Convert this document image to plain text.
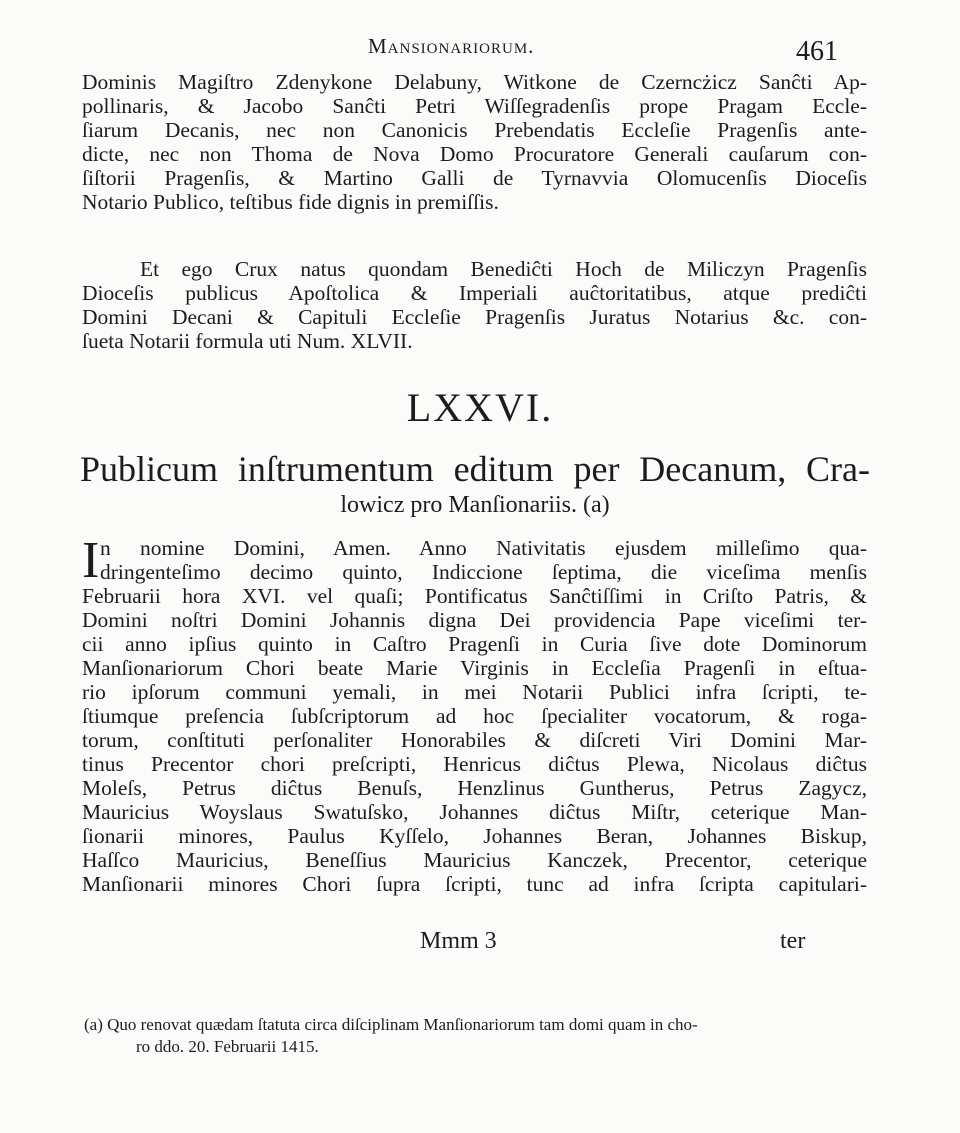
Mansionariorum.	461
Dominis Magiſtro Zdenykone Delabuny, Witkone de Czerncżicz Sanĉti Ap-
pollinaris, & Jacobo Sanĉti Petri Wiſſegradenſis prope Pragam Eccle-
ſiarum Decanis, nec non Canonicis Prebendatis Eccleſie Pragenſis ante-
dicte, nec non Thoma de Nova Domo Procuratore Generali cauſarum con-
ſiſtorii Pragenſis, & Martino Galli de Tyrnavvia Olomucenſis Dioceſis
Notario Publico, teſtibus fide dignis in premiſſis.
Et ego Crux natus quondam Benediĉti Hoch de Miliczyn Pragenſis
Dioceſis publicus Apoſtolica & Imperiali auĉtoritatibus, atque prediĉti
Domini Decani & Capituli Eccleſie Pragenſis Juratus Notarius &c. con-
ſueta Notarii formula uti Num. XLVII.
LXXVI.
Publicum inſtrumentum editum per Decanum, Cra-
lowicz pro Manſionariis. (a)
I n nomine Domini, Amen. Anno Nativitatis ejusdem milleſimo qua-
dringenteſimo decimo quinto, Indiccione ſeptima, die viceſima menſis
Februarii hora XVI. vel quaſi; Pontificatus Sanĉtiſſimi in Criſto Patris, &
Domini noſtri Domini Johannis digna Dei providencia Pape viceſimi ter-
cii anno ipſius quinto in Caſtro Pragenſi in Curia ſive dote Dominorum
Manſionariorum Chori beate Marie Virginis in Eccleſia Pragenſi in eſtua-
rio ipſorum communi yemali, in mei Notarii Publici infra ſcripti, te-
ſtiumque preſencia ſubſcriptorum ad hoc ſpecialiter vocatorum, & roga-
torum, conſtituti perſonaliter Honorabiles & diſcreti Viri Domini Mar-
tinus Precentor chori preſcripti, Henricus diĉtus Plewa, Nicolaus diĉtus
Moleſs, Petrus diĉtus Benuſs, Henzlinus Guntherus, Petrus Zagycz,
Mauricius Woyslaus Swatuſsko, Johannes diĉtus Miſtr, ceterique Man-
ſionarii minores, Paulus Kyſſelo, Johannes Beran, Johannes Biskup,
Haſſco Mauricius, Beneſſius Mauricius Kanczek, Precentor, ceterique
Manſionarii minores Chori ſupra ſcripti, tunc ad infra ſcripta capitulari-
Mmm 3	ter
(a) Quo renovat quædam ſtatuta circa diſciplinam Manſionariorum tam domi quam in cho-
ro ddo. 20. Februarii 1415.
